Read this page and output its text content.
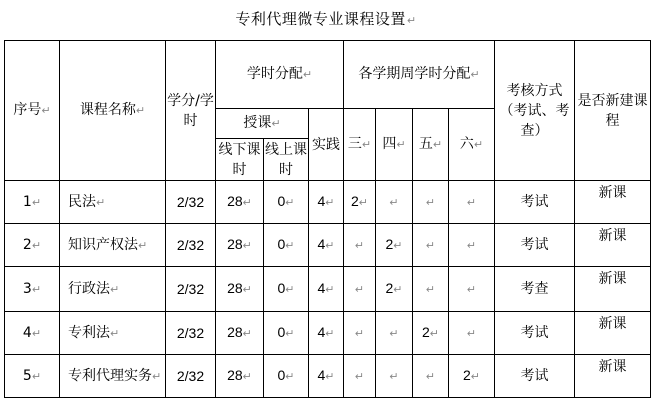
专利代理微专业课程设置↵
序号↵	课程名称↵	学分/学时	学时分配↵			各学期周学时分配↵				考核方式（考试、考查）	是否新建课程
			授课↵		实践	三↵	四↵	五↵	六↵		
			线下课时	线上课时							
1↵	民法↵	2/32	28↵	0↵	4↵	2↵	↵	↵	↵	考试	新课
2↵	知识产权法↵	2/32	28↵	0↵	4↵	↵	2↵	↵	↵	考试	新课
3↵	行政法↵	2/32	28↵	0↵	4↵	↵	2↵	↵	↵	考查	新课
4↵	专利法↵	2/32	28↵	0↵	4↵	↵	↵	2↵	↵	考试	新课
5↵	专利代理实务↵	2/32	28↵	0↵	4↵	↵	↵	↵	2↵	考试	新课
